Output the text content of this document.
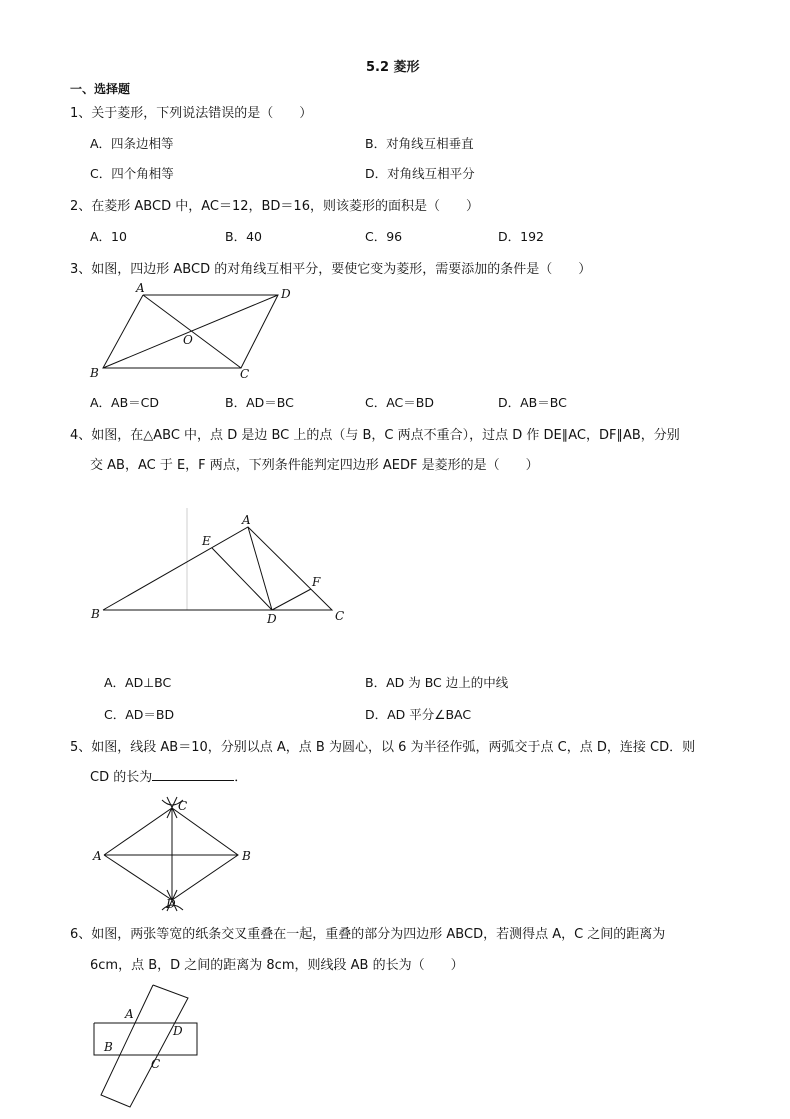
5.2 菱形
一、选择题
1、关于菱形，下列说法错误的是（　　）
A．四条边相等	B．对角线互相垂直
C．四个角相等	D．对角线互相平分
2、在菱形 ABCD 中，AC＝12，BD＝16，则该菱形的面积是（　　）
A．10	B．40	C．96	D．192
3、如图，四边形 ABCD 的对角线互相平分，要使它变为菱形，需要添加的条件是（　　）
A	D
O
B	C
A．AB＝CD	B．AD＝BC	C．AC＝BD	D．AB＝BC
4、如图，在△ABC 中，点 D 是边 BC 上的点（与 B，C 两点不重合），过点 D 作 DE∥AC，DF∥AB，分别
交 AB，AC 于 E，F 两点，下列条件能判定四边形 AEDF 是菱形的是（　　）
A
E
F
B	D	C
A．AD⊥BC	B．AD 为 BC 边上的中线
C．AD＝BD	D．AD 平分∠BAC
5、如图，线段 AB＝10，分别以点 A，点 B 为圆心，以 6 为半径作弧，两弧交于点 C，点 D，连接 CD．则
CD 的长为	．
C
A	B
D
6、如图，两张等宽的纸条交叉重叠在一起，重叠的部分为四边形 ABCD，若测得点 A，C 之间的距离为
6cm，点 B，D 之间的距离为 8cm，则线段 AB 的长为（　　）
A
D
B
C
